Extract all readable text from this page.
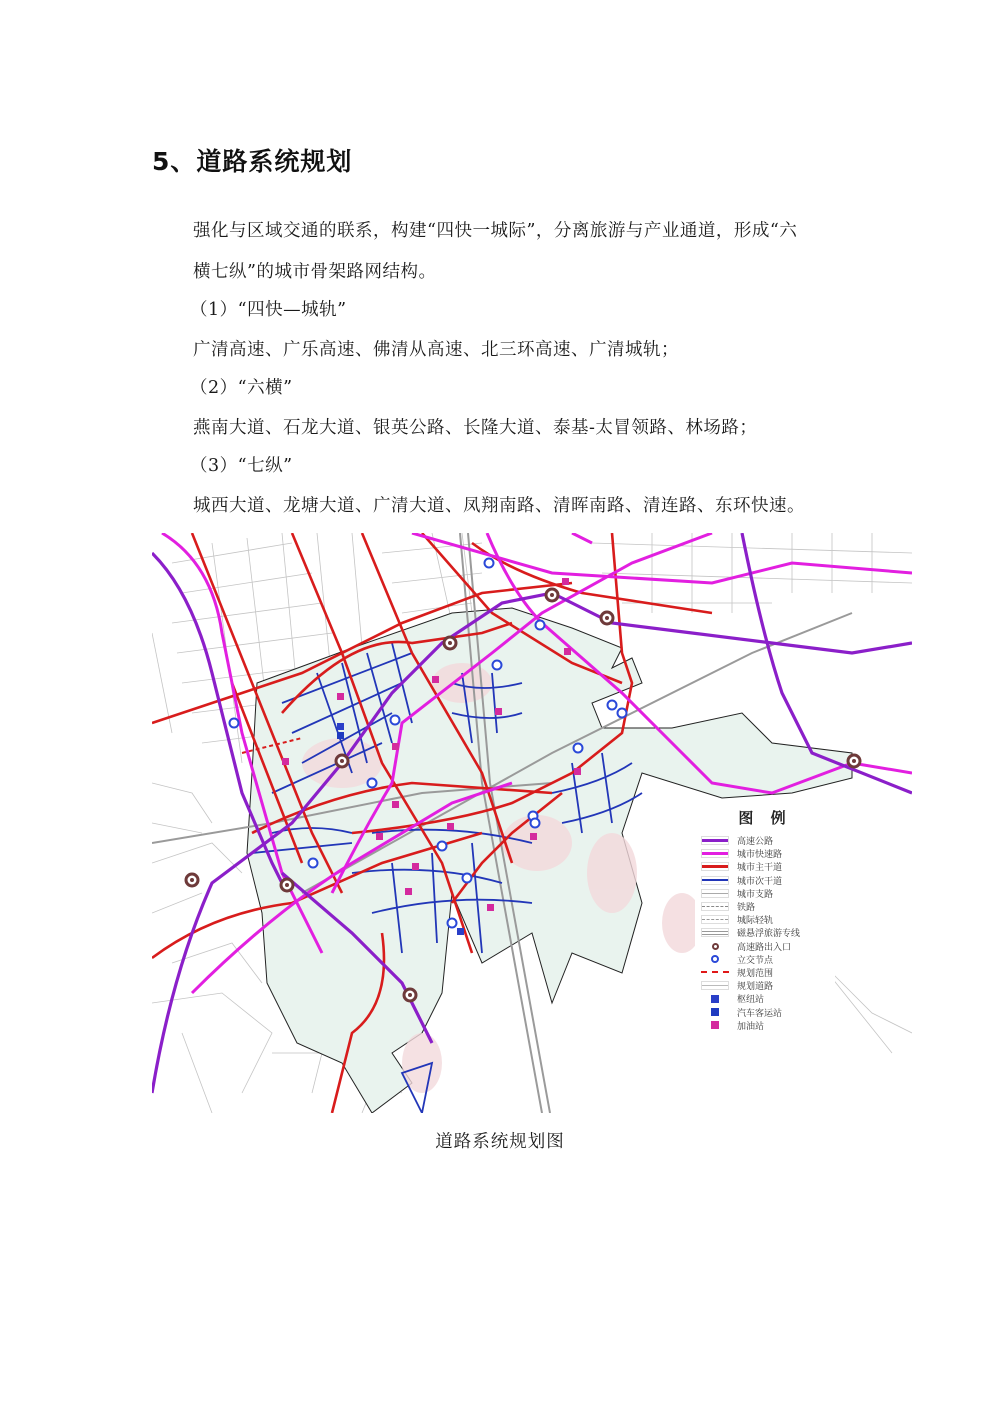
5、道路系统规划
强化与区域交通的联系，构建“四快一城际”，分离旅游与产业通道，形成“六
横七纵”的城市骨架路网结构。
（1）“四快—城轨”
广清高速、广乐高速、佛清从高速、北三环高速、广清城轨；
（2）“六横”
燕南大道、石龙大道、银英公路、长隆大道、泰基-太冒领路、林场路；
（3）“七纵”
城西大道、龙塘大道、广清大道、凤翔南路、清晖南路、清连路、东环快速。
图 例
高速公路
城市快速路
城市主干道
城市次干道
城市支路
铁路
城际轻轨
磁悬浮旅游专线
高速路出入口
立交节点
规划范围
规划道路
枢纽站
汽车客运站
加油站
道路系统规划图
